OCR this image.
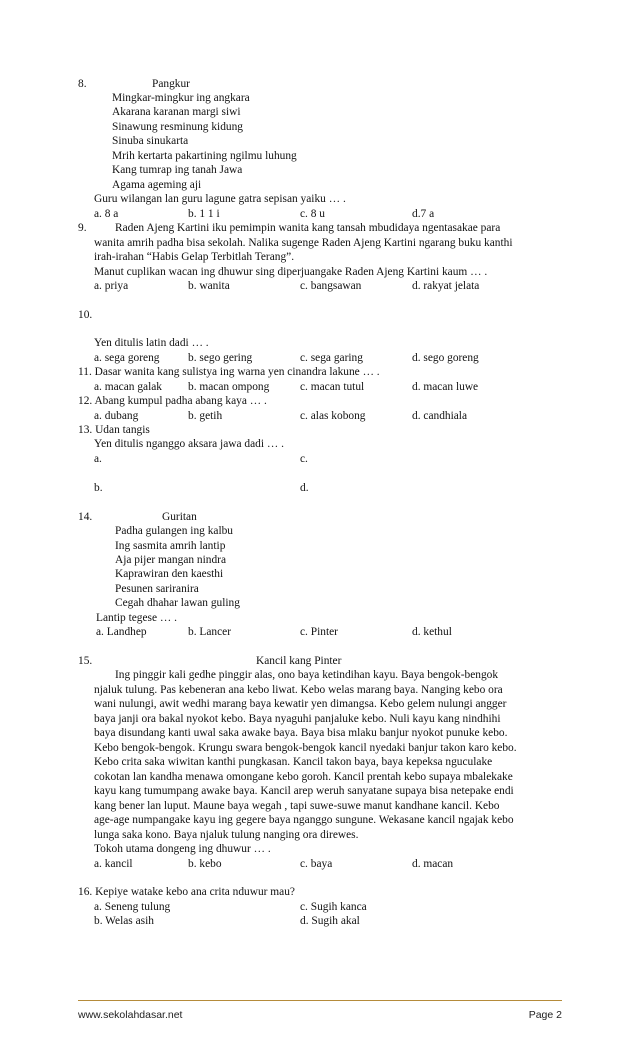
8.	Pangkur
Mingkar-mingkur ing angkara
Akarana karanan margi siwi
Sinawung resminung kidung
Sinuba sinukarta
Mrih kertarta pakartining ngilmu luhung
Kang tumrap ing tanah Jawa
Agama ageming aji
Guru wilangan lan guru lagune gatra sepisan yaiku … .
a. 8 a	b. 1 1 i	c. 8 u	d.7 a
9. Raden Ajeng Kartini iku pemimpin wanita kang tansah mbudidaya ngentasakae para
wanita amrih padha bisa sekolah. Nalika sugenge Raden Ajeng Kartini ngarang buku kanthi
irah-irahan “Habis Gelap Terbitlah Terang”.
Manut cuplikan wacan ing dhuwur sing diperjuangake Raden Ajeng Kartini kaum … .
a. priya	b. wanita	c. bangsawan	d. rakyat jelata
10.
Yen ditulis latin dadi … .
a. sega goreng	b. sego gering	c. sega garing	d. sego goreng
11. Dasar wanita kang sulistya ing warna yen cinandra lakune … .
a. macan galak b. macan ompong	c. macan tutul	d. macan luwe
12. Abang kumpul padha abang kaya … .
a. dubang	b. getih	c. alas kobong	d. candhiala
13. Udan tangis
Yen ditulis nganggo aksara jawa dadi … .
a.	c.
b.	d.
14.	Guritan
Padha gulangen ing kalbu
Ing sasmita amrih lantip
Aja pijer mangan nindra
Kaprawiran den kaesthi
Pesunen sariranira
Cegah dhahar lawan guling
Lantip tegese … .
a. Landhep	b. Lancer	c. Pinter	d. kethul
15.	Kancil kang Pinter
Ing pinggir kali gedhe pinggir alas, ono baya ketindihan kayu. Baya bengok-bengok
njaluk tulung. Pas kebeneran ana kebo liwat. Kebo welas marang baya. Nanging kebo ora
wani nulungi, awit wedhi marang baya kewatir yen dimangsa. Kebo gelem nulungi angger
baya janji ora bakal nyokot kebo. Baya nyaguhi panjaluke kebo. Nuli kayu kang nindhihi
baya disundang kanti uwal saka awake baya. Baya bisa mlaku banjur nyokot punuke kebo.
Kebo bengok-bengok. Krungu swara bengok-bengok kancil nyedaki banjur takon karo kebo.
Kebo crita saka wiwitan kanthi pungkasan. Kancil takon baya, baya kepeksa nguculake
cokotan lan kandha menawa omongane kebo goroh. Kancil prentah kebo supaya mbalekake
kayu kang tumumpang awake baya. Kancil arep weruh sanyatane supaya bisa netepake endi
kang bener lan luput. Maune baya wegah , tapi suwe-suwe manut kandhane kancil. Kebo
age-age numpangake kayu ing gegere baya nganggo sungune. Wekasane kancil ngajak kebo
lunga saka kono. Baya njaluk tulung nanging ora direwes.
Tokoh utama dongeng ing dhuwur … .
a. kancil	b. kebo	c. baya	d. macan
16. Kepiye watake kebo ana crita nduwur mau?
a. Seneng tulung	c. Sugih kanca
b. Welas asih	d. Sugih akal
www.sekolahdasar.net	Page 2
